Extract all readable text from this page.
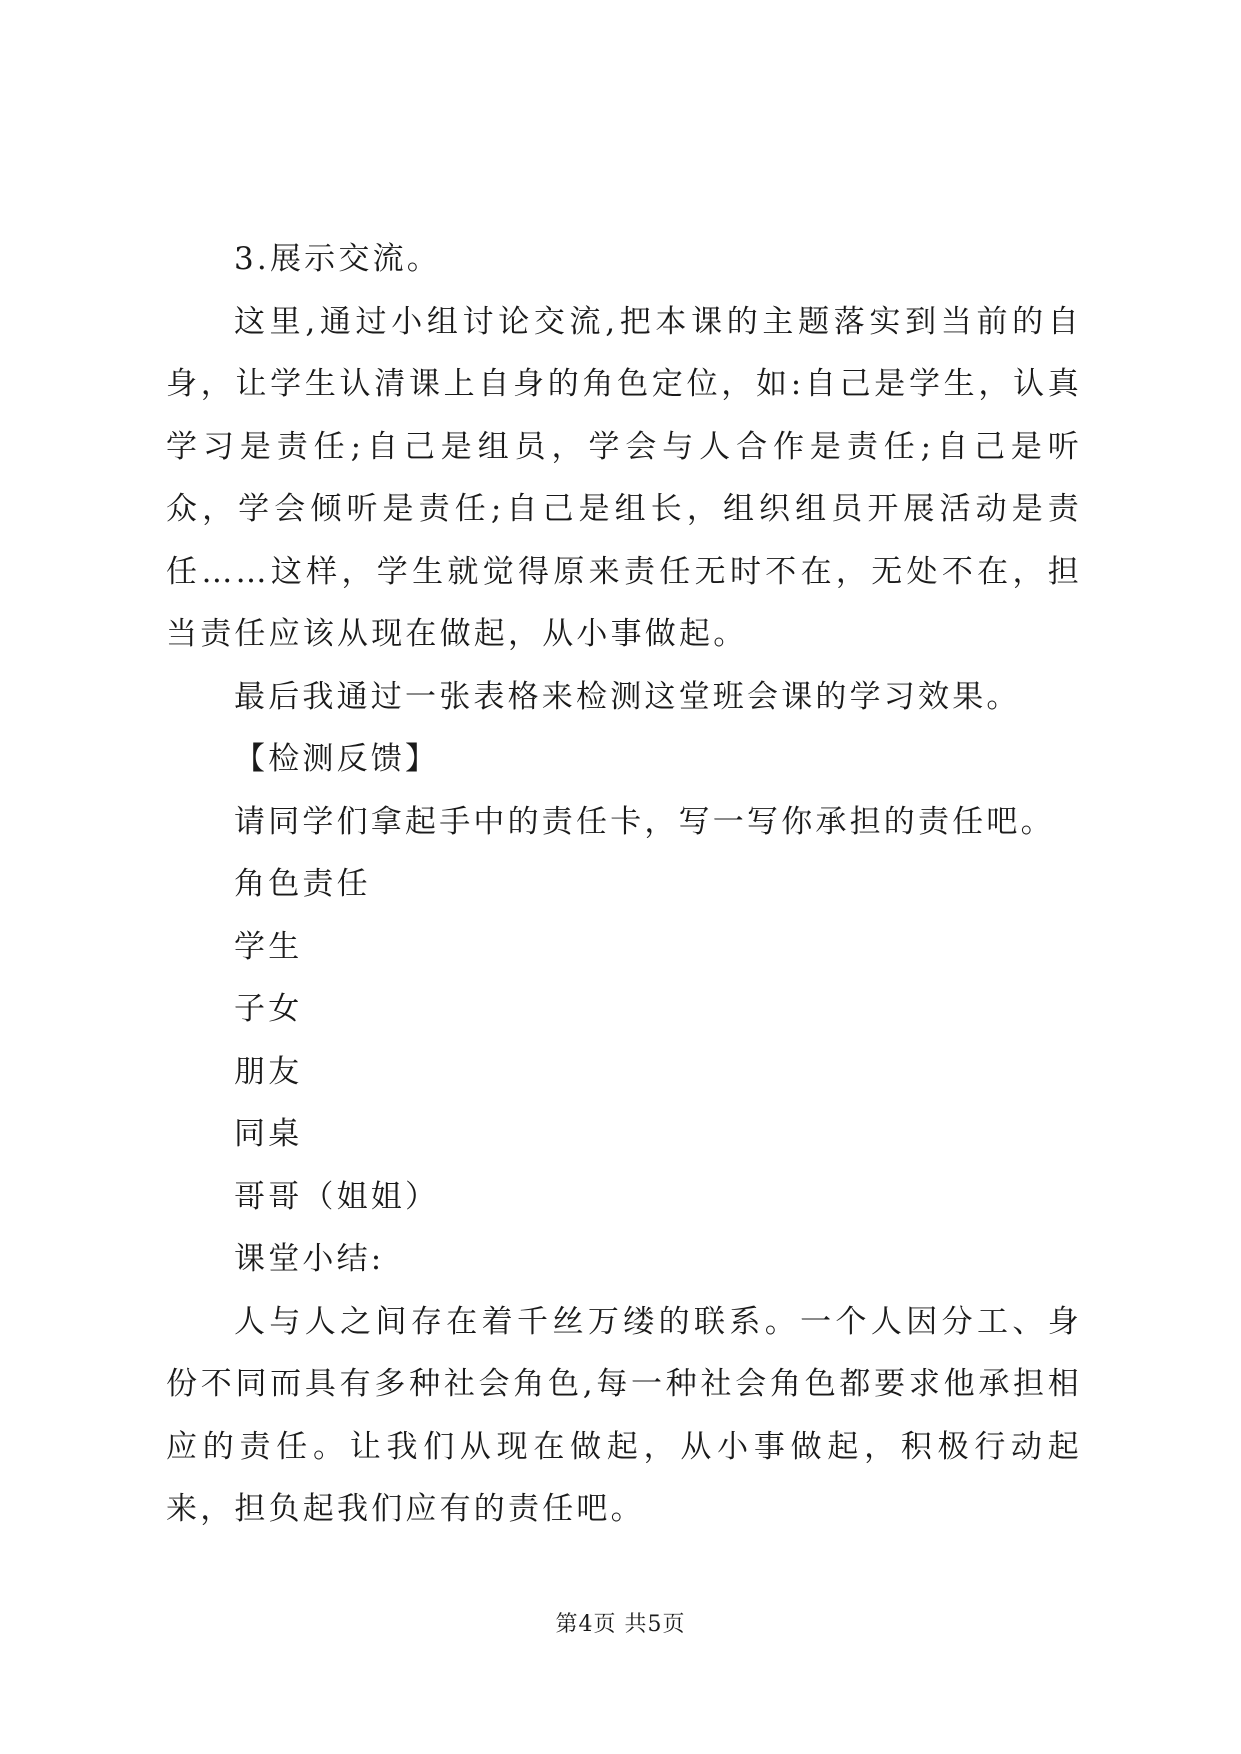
3.展示交流。

这里,通过小组讨论交流,把本课的主题落实到当前的自身，让学生认清课上自身的角色定位，如:自己是学生，认真学习是责任;自己是组员，学会与人合作是责任;自己是听众，学会倾听是责任;自己是组长，组织组员开展活动是责任……这样，学生就觉得原来责任无时不在，无处不在，担当责任应该从现在做起，从小事做起。

最后我通过一张表格来检测这堂班会课的学习效果。

【检测反馈】

请同学们拿起手中的责任卡，写一写你承担的责任吧。

角色责任

学生

子女

朋友

同桌

哥哥（姐姐）

课堂小结:

人与人之间存在着千丝万缕的联系。一个人因分工、身份不同而具有多种社会角色,每一种社会角色都要求他承担相应的责任。让我们从现在做起，从小事做起，积极行动起来，担负起我们应有的责任吧。

第4页 共5页
